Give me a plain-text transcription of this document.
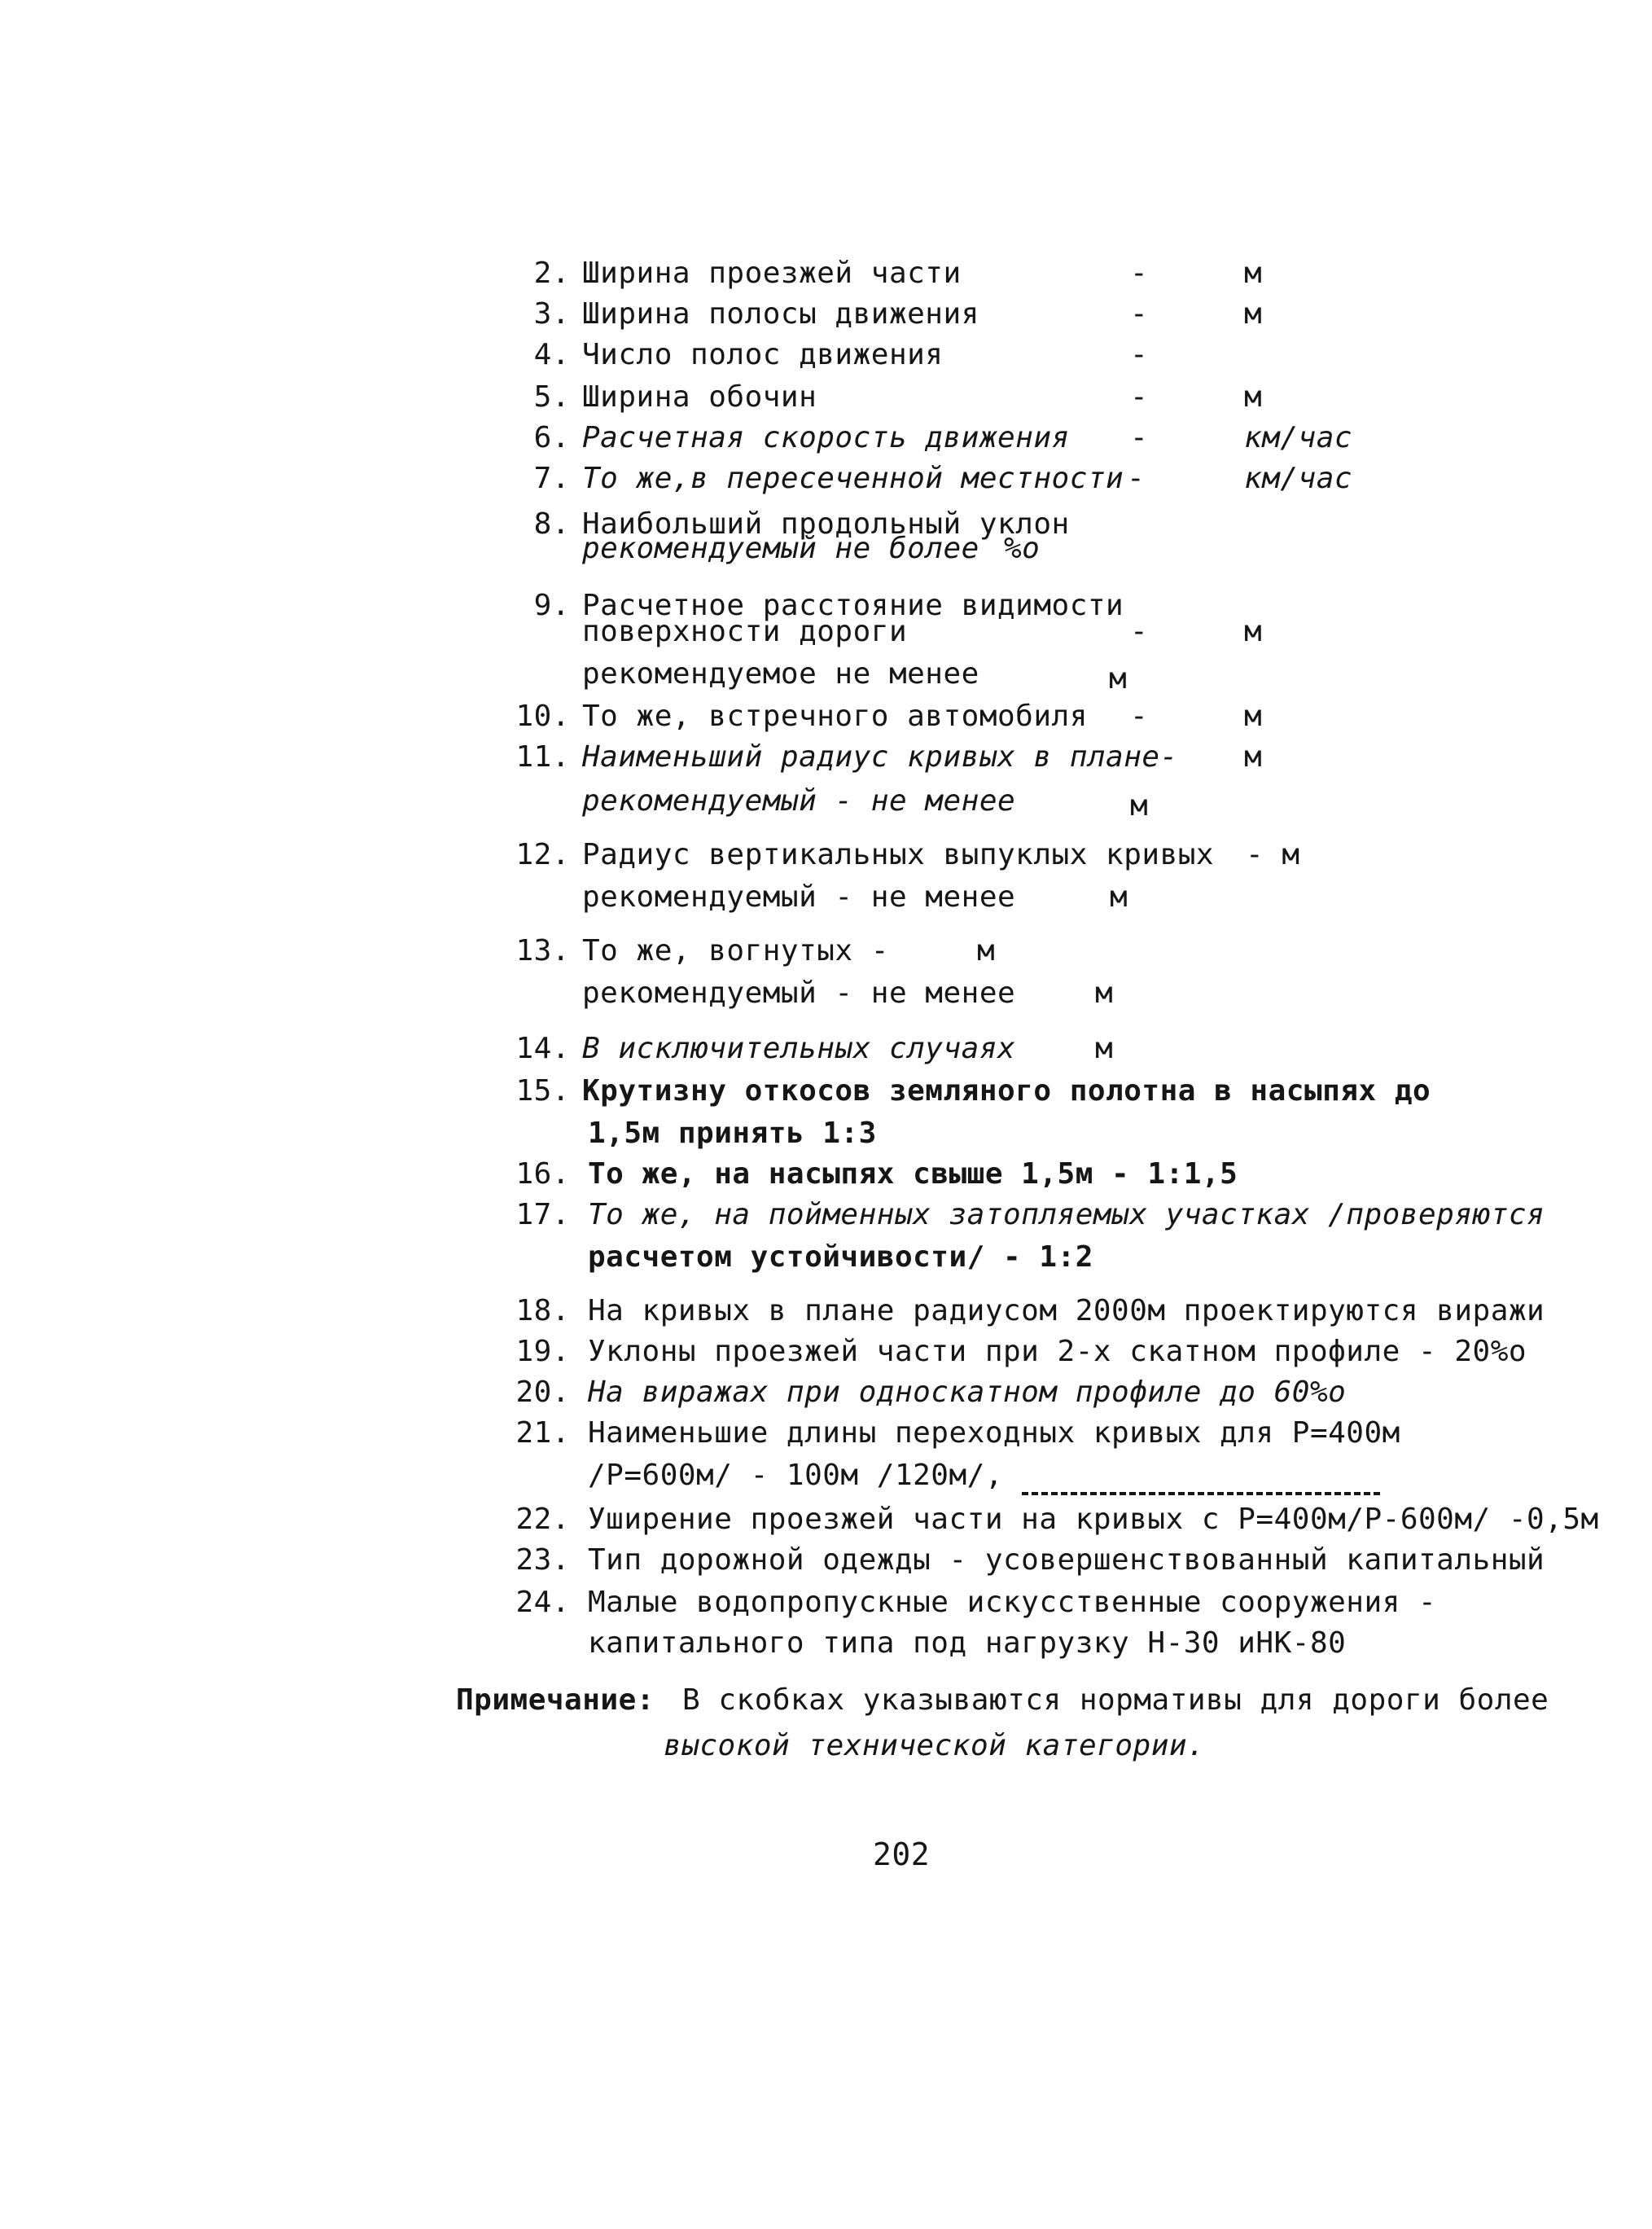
2. Ширина проезжей части	-	м
3. Ширина полосы движения	-	м
4. Число полос движения	-
5. Ширина обочин	-	м
6. Расчетная скорость движения -	км/час
7. То же,в пересеченной местности -	км/час
8. Наибольший продольный уклон
рекомендуемый не более %o
9. Расчетное расстояние видимости
поверхности дороги	-	м
рекомендуемое не менее	м
10. То же, встречного автомобиля -	м
11. Наименьший радиус кривых в плане- м
рекомендуемый - не менее	м
12. Радиус вертикальных выпуклых кривых - м
рекомендуемый - не менее	м
13. То же, вогнутых -	м
рекомендуемый - не менее	м
14. В исключительных случаях	м
15. Крутизну откосов земляного полотна в насыпях до
1,5м принять 1:3
16. То же, на насыпях свыше 1,5м - 1:1,5
17. То же, на пойменных затопляемых участках /проверяются
расчетом устойчивости/ - 1:2
18. На кривых в плане радиусом 2000м проектируются виражи
19. Уклоны проезжей части при 2-х скатном профиле - 20%o
20. На виражах при односкатном профиле до 60%o
21. Наименьшие длины переходных кривых для Р=400м
/Р=600м/ - 100м /120м/,
22. Уширение проезжей части на кривых с Р=400м/Р-600м/ -0,5м
23. Тип дорожной одежды - усовершенствованный капитальный
24. Малые водопропускные искусственные сооружения -
капитального типа под нагрузку Н-30 иНК-80
Примечание: В скобках указываются нормативы для дороги более
высокой технической категории.
202
